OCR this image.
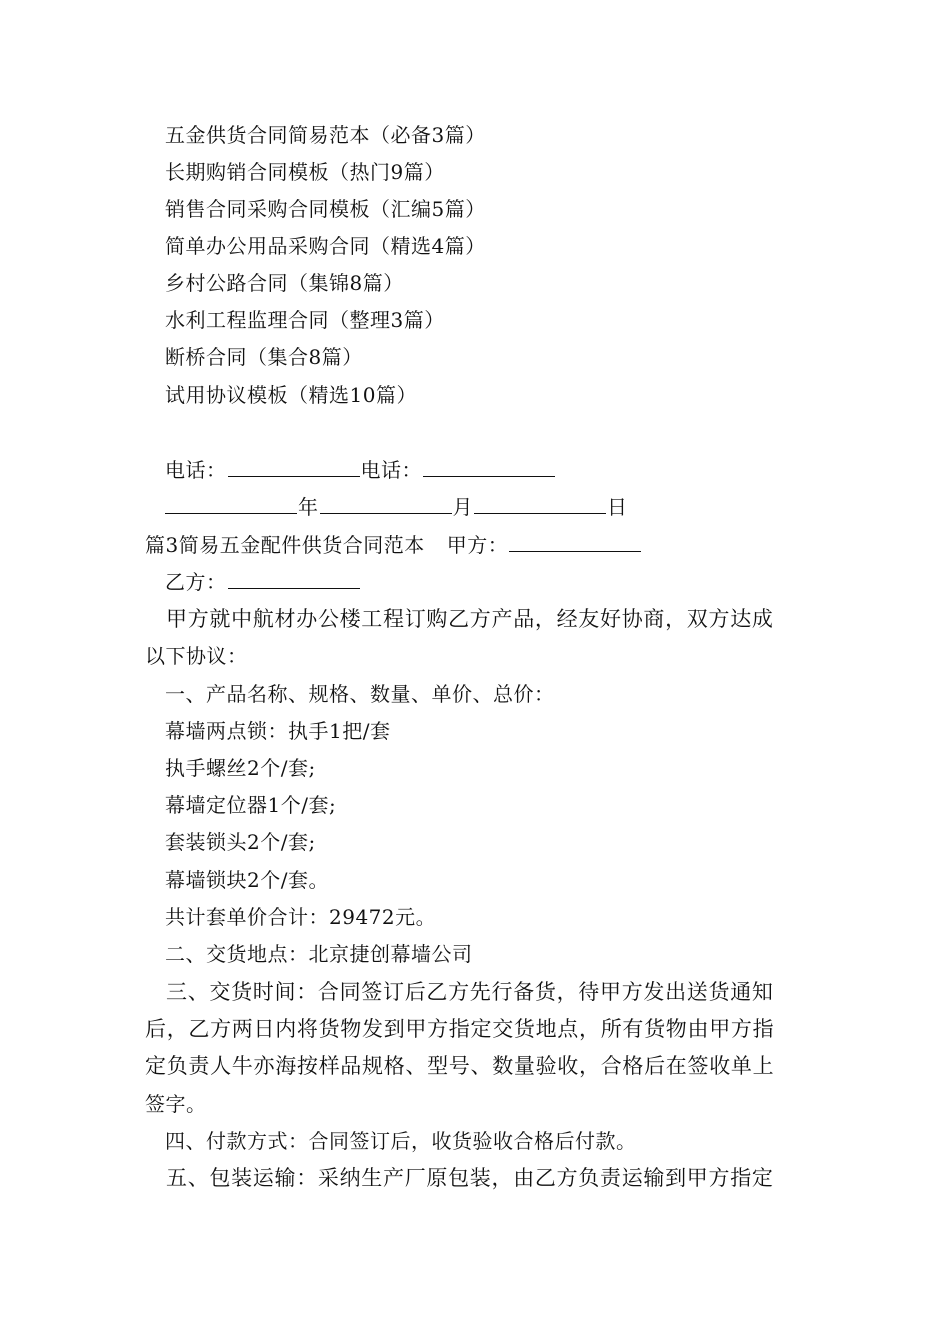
五金供货合同简易范本（必备3篇）
长期购销合同模板（热门9篇）
销售合同采购合同模板（汇编5篇）
简单办公用品采购合同（精选4篇）
乡村公路合同（集锦8篇）
水利工程监理合同（整理3篇）
断桥合同（集合8篇）
试用协议模板（精选10篇）
电话：	电话：
年	月	日
篇3简易五金配件供货合同范本 甲方：
乙方：
甲方就中航材办公楼工程订购乙方产品，经友好协商，双方达成
以下协议：
一、产品名称、规格、数量、单价、总价：
幕墙两点锁：执手1把/套
执手螺丝2个/套;
幕墙定位器1个/套;
套装锁头2个/套;
幕墙锁块2个/套。
共计套单价合计：29472元。
二、交货地点：北京捷创幕墙公司
三、交货时间：合同签订后乙方先行备货，待甲方发出送货通知
后，乙方两日内将货物发到甲方指定交货地点，所有货物由甲方指
定负责人牛亦海按样品规格、型号、数量验收，合格后在签收单上
签字。
四、付款方式：合同签订后，收货验收合格后付款。
五、包装运输：采纳生产厂原包装，由乙方负责运输到甲方指定
